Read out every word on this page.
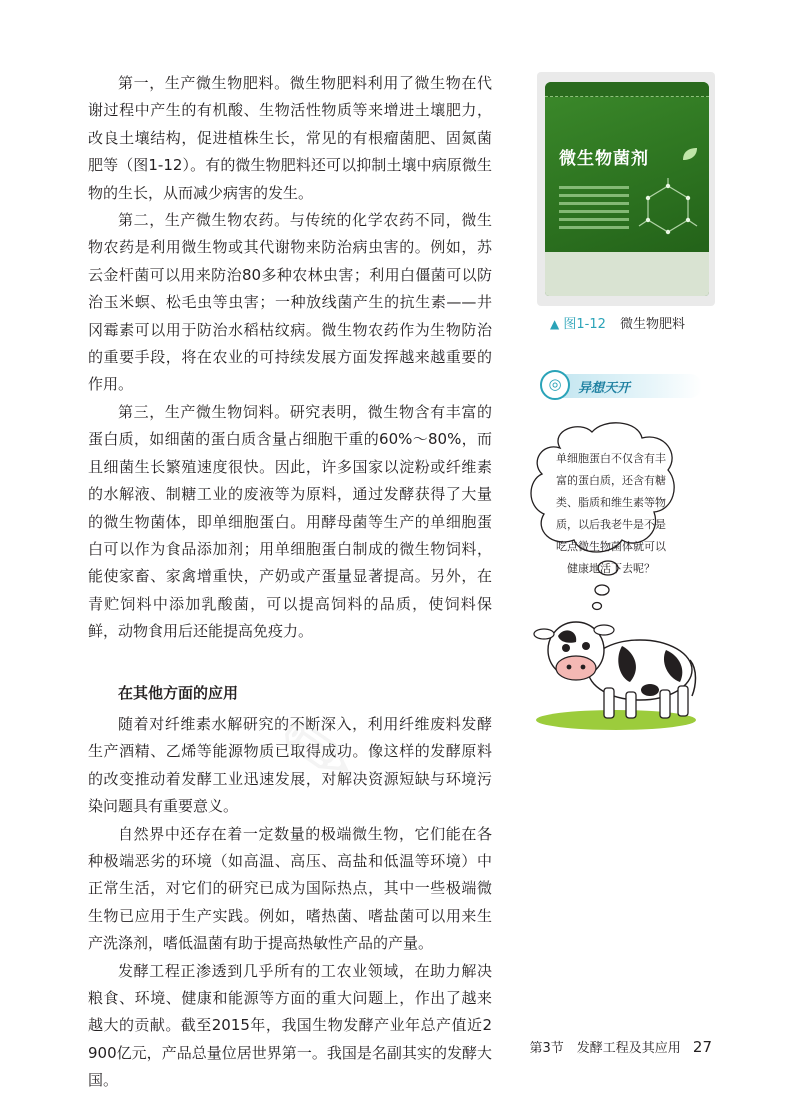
第一，生产微生物肥料。微生物肥料利用了微生物在代谢过程中产生的有机酸、生物活性物质等来增进土壤肥力，改良土壤结构，促进植株生长，常见的有根瘤菌肥、固氮菌肥等（图1-12）。有的微生物肥料还可以抑制土壤中病原微生物的生长，从而减少病害的发生。

第二，生产微生物农药。与传统的化学农药不同，微生物农药是利用微生物或其代谢物来防治病虫害的。例如，苏云金杆菌可以用来防治80多种农林虫害；利用白僵菌可以防治玉米螟、松毛虫等虫害；一种放线菌产生的抗生素——井冈霉素可以用于防治水稻枯纹病。微生物农药作为生物防治的重要手段，将在农业的可持续发展方面发挥越来越重要的作用。

第三，生产微生物饲料。研究表明，微生物含有丰富的蛋白质，如细菌的蛋白质含量占细胞干重的60%～80%，而且细菌生长繁殖速度很快。因此，许多国家以淀粉或纤维素的水解液、制糖工业的废液等为原料，通过发酵获得了大量的微生物菌体，即单细胞蛋白。用酵母菌等生产的单细胞蛋白可以作为食品添加剂；用单细胞蛋白制成的微生物饲料，能使家畜、家禽增重快，产奶或产蛋量显著提高。另外，在青贮饲料中添加乳酸菌，可以提高饲料的品质，使饲料保鲜，动物食用后还能提高免疫力。

在其他方面的应用

随着对纤维素水解研究的不断深入，利用纤维废料发酵生产酒精、乙烯等能源物质已取得成功。像这样的发酵原料的改变推动着发酵工业迅速发展，对解决资源短缺与环境污染问题具有重要意义。

自然界中还存在着一定数量的极端微生物，它们能在各种极端恶劣的环境（如高温、高压、高盐和低温等环境）中正常生活，对它们的研究已成为国际热点，其中一些极端微生物已应用于生产实践。例如，嗜热菌、嗜盐菌可以用来生产洗涤剂，嗜低温菌有助于提高热敏性产品的产量。

发酵工程正渗透到几乎所有的工农业领域，在助力解决粮食、环境、健康和能源等方面的重大问题上，作出了越来越大的贡献。截至2015年，我国生物发酵产业年总产值近2 900亿元，产品总量位居世界第一。我国是名副其实的发酵大国。

微生物菌剂
▲ 图1-12 微生物肥料
◎	异想天开
单细胞蛋白不仅含有丰富的蛋白质，还含有糖类、脂质和维生素等物质，以后我老牛是不是吃点微生物菌体就可以健康地活下去呢？
第3节　发酵工程及其应用 27
